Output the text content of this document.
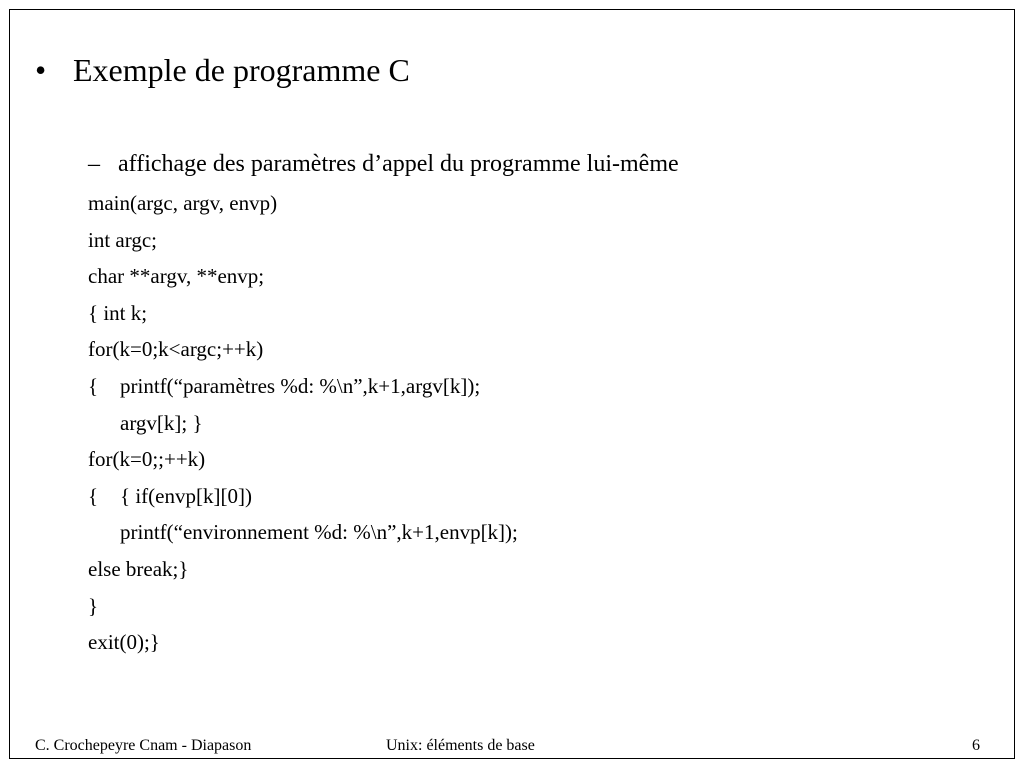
• Exemple de programme C
– affichage des paramètres d’appel du programme lui-même
main(argc, argv, envp)
int argc;
char **argv, **envp;
{ int k;
for(k=0;k<argc;++k)
{ printf(“paramètres %d: %\n”,k+1,argv[k]);
argv[k]; }
for(k=0;;++k)
{ { if(envp[k][0])
printf(“environnement %d: %\n”,k+1,envp[k]);
else break;}
}
exit(0);}
C. Crochepeyre Cnam - Diapason	Unix: éléments de base	6
